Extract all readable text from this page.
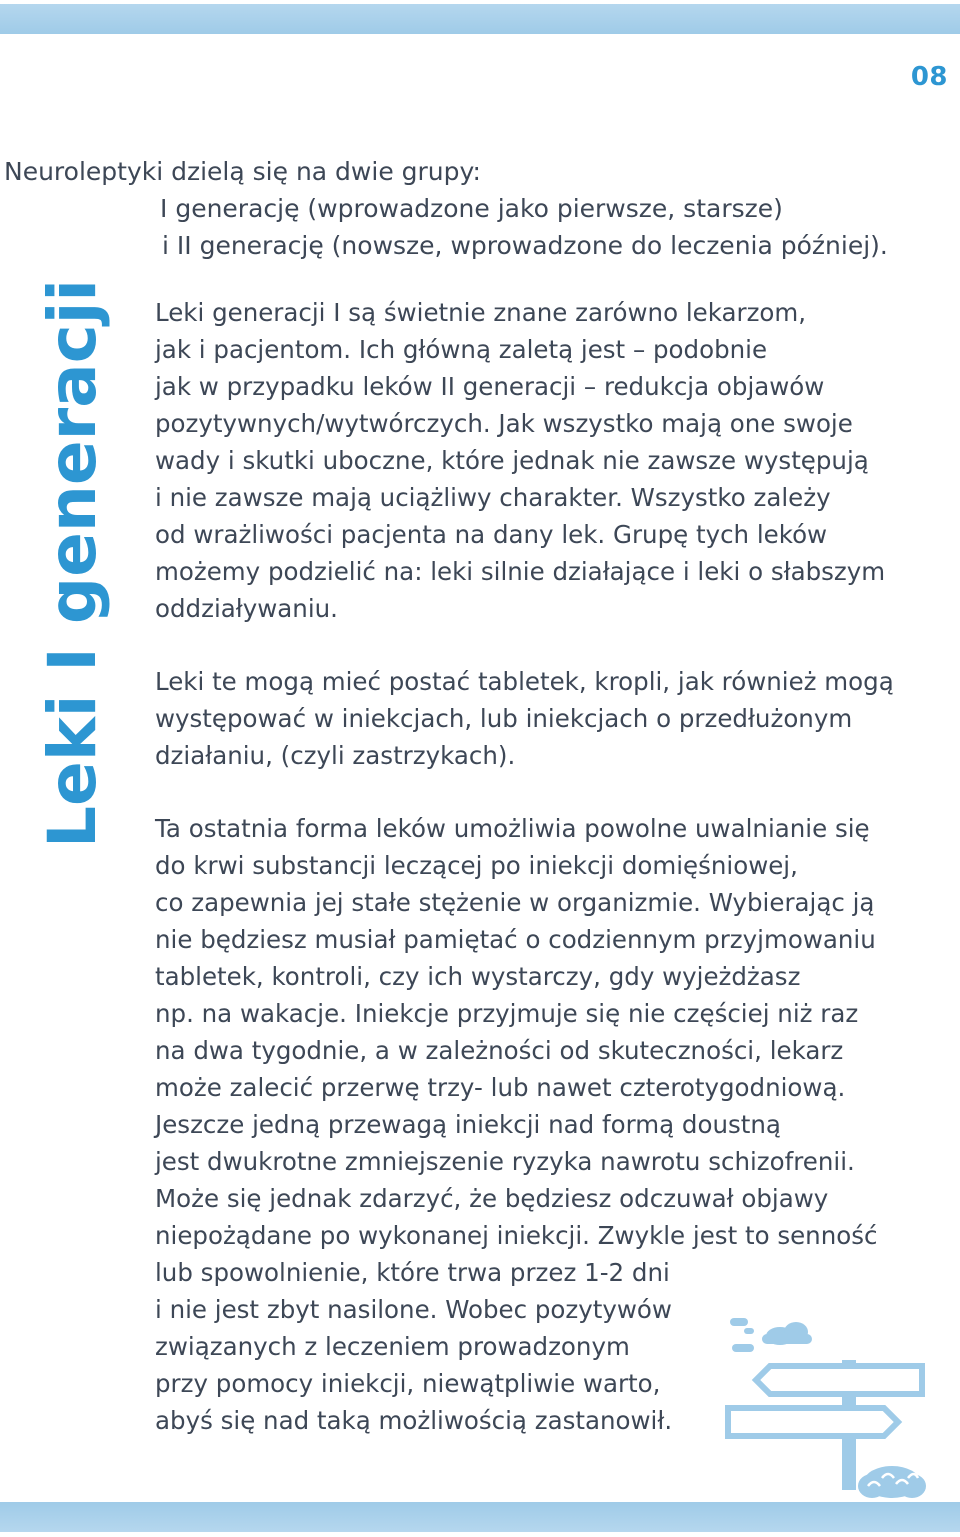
08
Neuroleptyki dzielą się na dwie grupy:
I generację (wprowadzone jako pierwsze, starsze)
i II generację (nowsze, wprowadzone do leczenia później).
Leki I generacji Leki generacji I są świetnie znane zarówno lekarzom,
jak i pacjentom. Ich główną zaletą jest – podobnie
jak w przypadku leków II generacji – redukcja objawów
pozytywnych/wytwórczych. Jak wszystko mają one swoje
wady i skutki uboczne, które jednak nie zawsze występują
i nie zawsze mają uciążliwy charakter. Wszystko zależy
od wrażliwości pacjenta na dany lek. Grupę tych leków
możemy podzielić na: leki silnie działające i leki o słabszym
oddziaływaniu.
Leki te mogą mieć postać tabletek, kropli, jak również mogą
występować w iniekcjach, lub iniekcjach o przedłużonym
działaniu, (czyli zastrzykach).
Ta ostatnia forma leków umożliwia powolne uwalnianie się
do krwi substancji leczącej po iniekcji domięśniowej,
co zapewnia jej stałe stężenie w organizmie. Wybierając ją
nie będziesz musiał pamiętać o codziennym przyjmowaniu
tabletek, kontroli, czy ich wystarczy, gdy wyjeżdżasz
np. na wakacje. Iniekcje przyjmuje się nie częściej niż raz
na dwa tygodnie, a w zależności od skuteczności, lekarz
może zalecić przerwę trzy- lub nawet czterotygodniową.
Jeszcze jedną przewagą iniekcji nad formą doustną
jest dwukrotne zmniejszenie ryzyka nawrotu schizofrenii.
Może się jednak zdarzyć, że będziesz odczuwał objawy
niepożądane po wykonanej iniekcji. Zwykle jest to senność
lub spowolnienie, które trwa przez 1-2 dni
i nie jest zbyt nasilone. Wobec pozytywów
związanych z leczeniem prowadzonym
przy pomocy iniekcji, niewątpliwie warto,
abyś się nad taką możliwością zastanowił.
